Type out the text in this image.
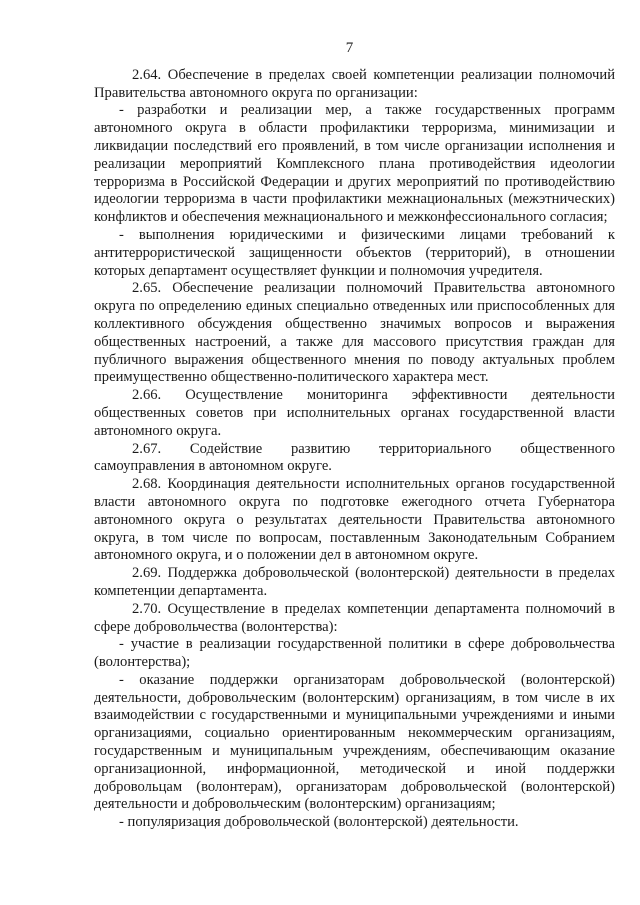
7

2.64. Обеспечение в пределах своей компетенции реализации полномочий Правительства автономного округа по организации:

- разработки и реализации мер, а также государственных программ автономного округа в области профилактики терроризма, минимизации и ликвидации последствий его проявлений, в том числе организации исполнения и реализации мероприятий Комплексного плана противодействия идеологии терроризма в Российской Федерации и других мероприятий по противодействию идеологии терроризма в части профилактики межнациональных (межэтнических) конфликтов и обеспечения межнационального и межконфессионального согласия;

- выполнения юридическими и физическими лицами требований к антитеррористической защищенности объектов (территорий), в отношении которых департамент осуществляет функции и полномочия учредителя.

2.65. Обеспечение реализации полномочий Правительства автономного округа по определению единых специально отведенных или приспособленных для коллективного обсуждения общественно значимых вопросов и выражения общественных настроений, а также для массового присутствия граждан для публичного выражения общественного мнения по поводу актуальных проблем преимущественно общественно-политического характера мест.

2.66. Осуществление мониторинга эффективности деятельности общественных советов при исполнительных органах государственной власти автономного округа.

2.67. Содействие развитию территориального общественного самоуправления в автономном округе.

2.68. Координация деятельности исполнительных органов государственной власти автономного округа по подготовке ежегодного отчета Губернатора автономного округа о результатах деятельности Правительства автономного округа, в том числе по вопросам, поставленным Законодательным Собранием автономного округа, и о положении дел в автономном округе.

2.69. Поддержка добровольческой (волонтерской) деятельности в пределах компетенции департамента.

2.70. Осуществление в пределах компетенции департамента полномочий в сфере добровольчества (волонтерства):

- участие в реализации государственной политики в сфере добровольчества (волонтерства);

- оказание поддержки организаторам добровольческой (волонтерской) деятельности, добровольческим (волонтерским) организациям, в том числе в их взаимодействии с государственными и муниципальными учреждениями и иными организациями, социально ориентированным некоммерческим организациям, государственным и муниципальным учреждениям, обеспечивающим оказание организационной, информационной, методической и иной поддержки добровольцам (волонтерам), организаторам добровольческой (волонтерской) деятельности и добровольческим (волонтерским) организациям;

- популяризация добровольческой (волонтерской) деятельности.
